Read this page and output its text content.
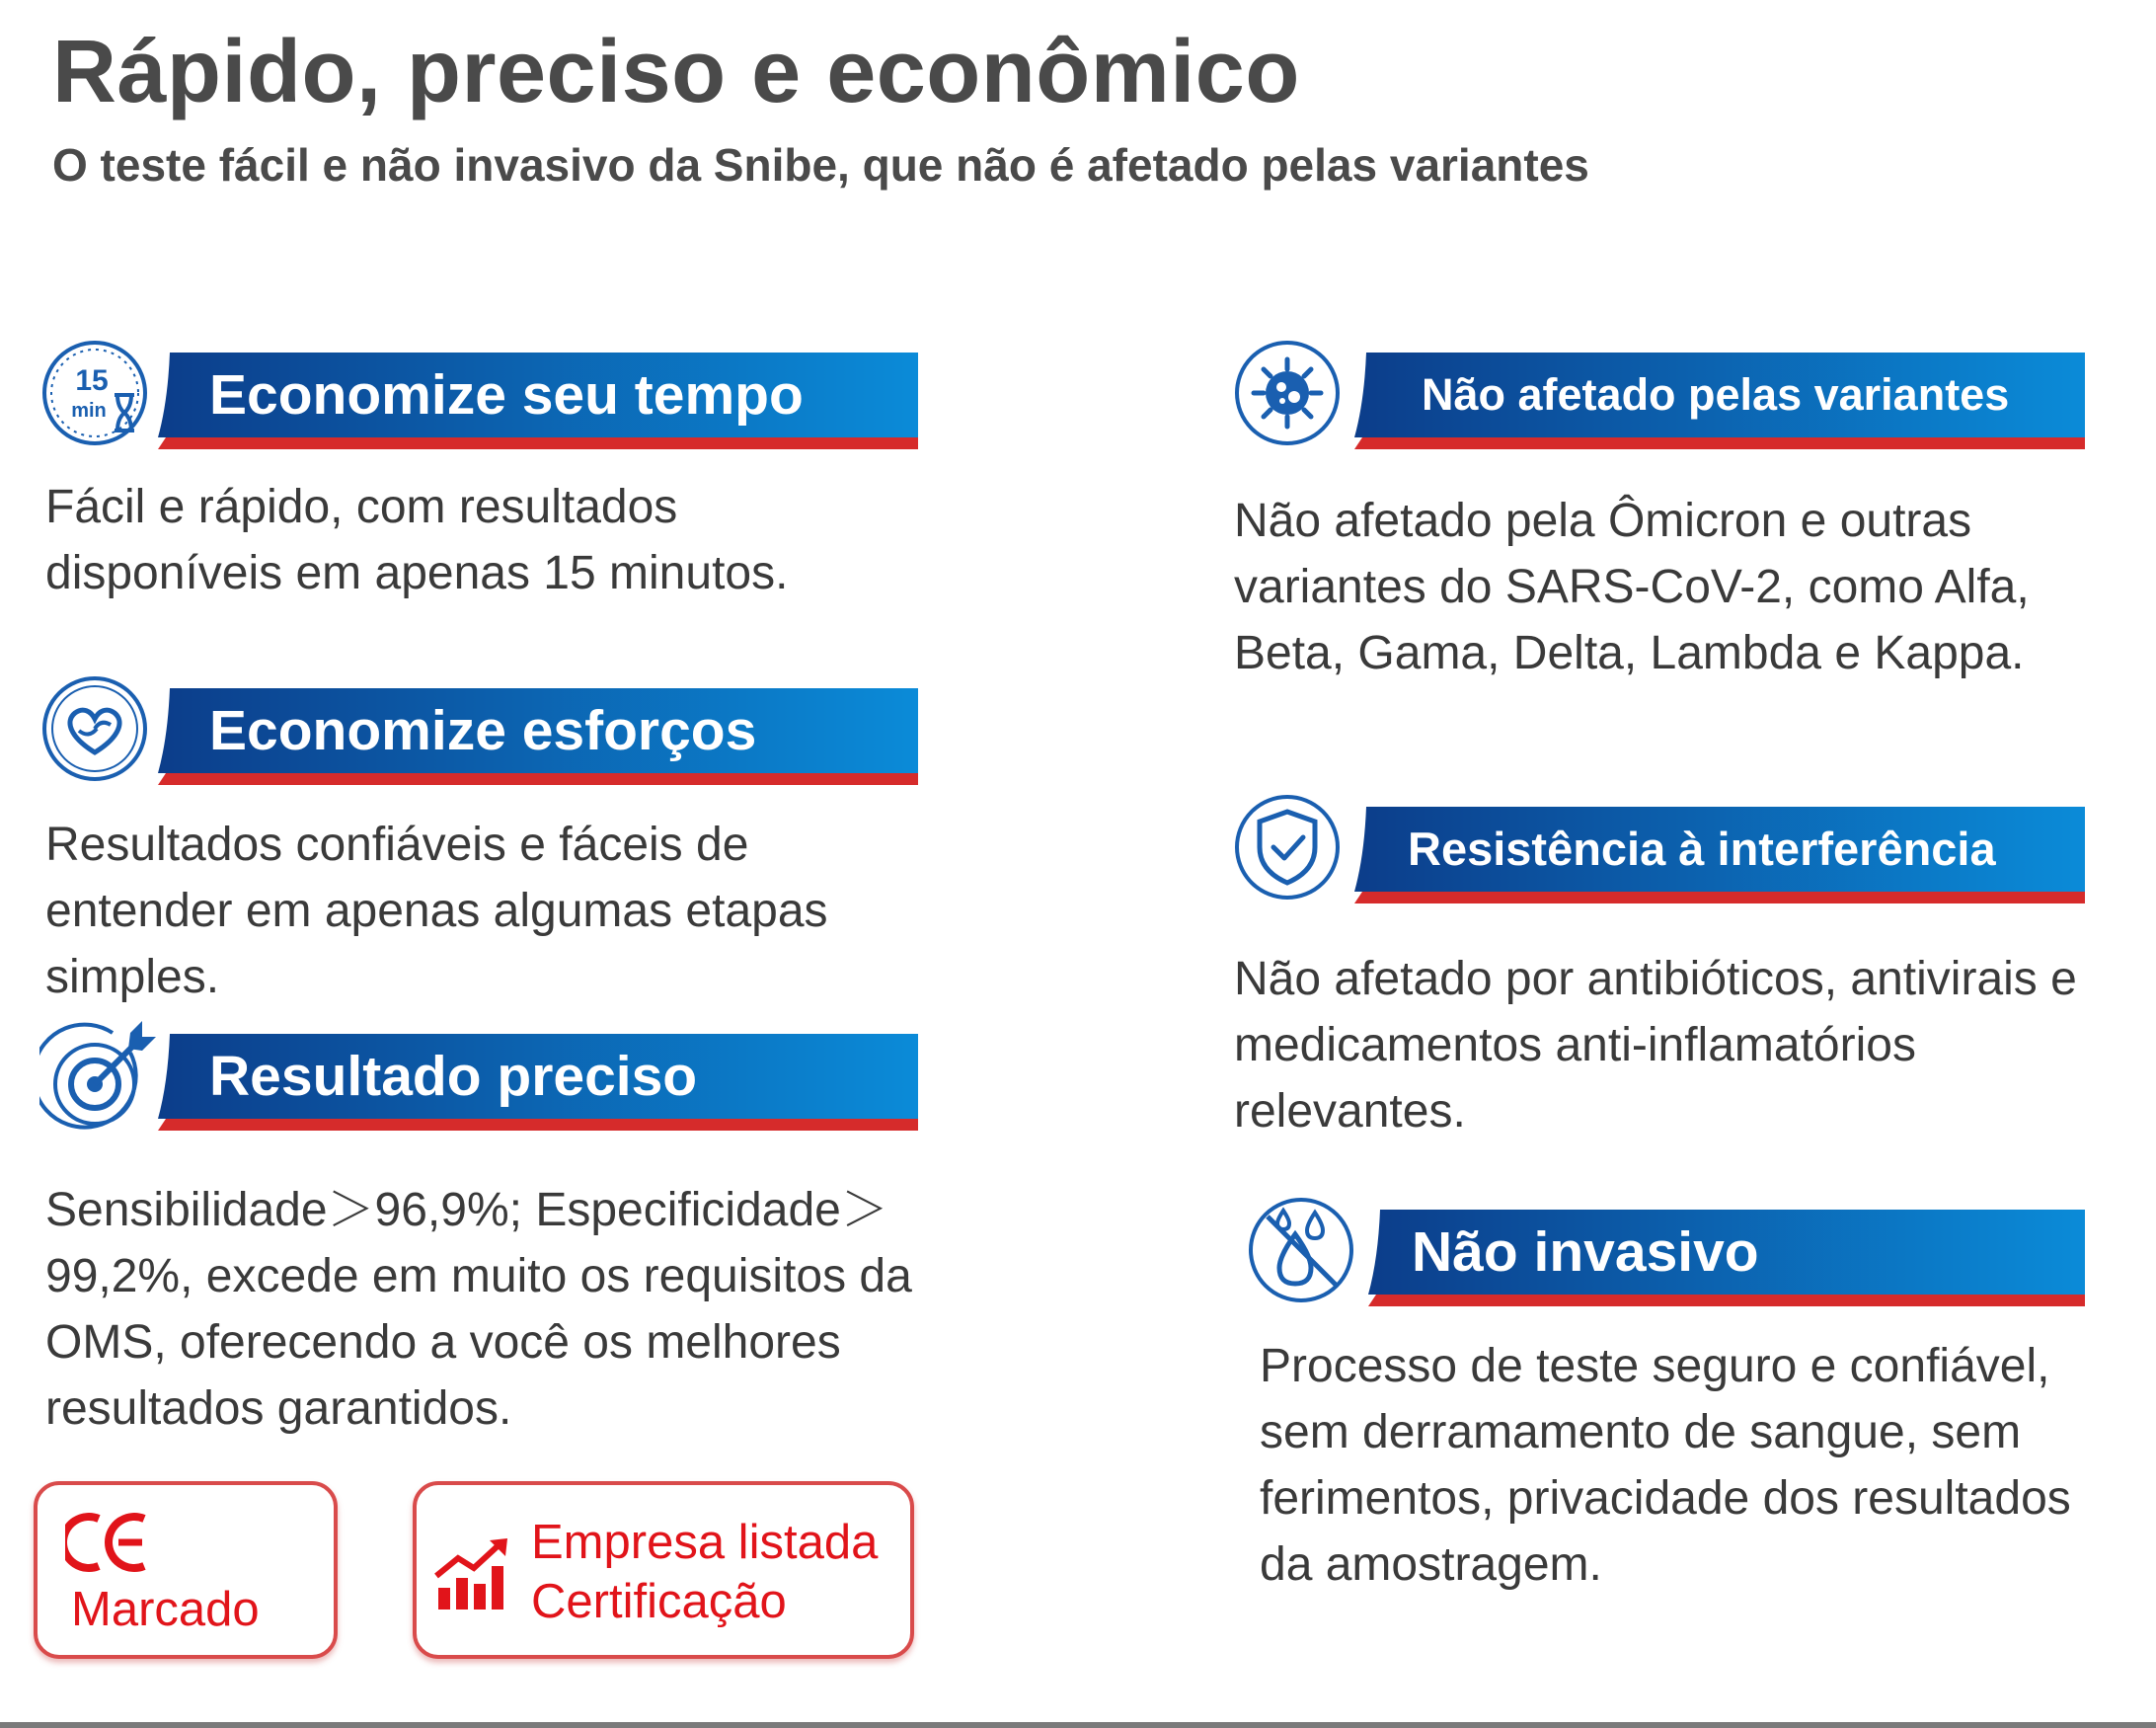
Rápido, preciso e econômico
O teste fácil e não invasivo da Snibe, que não é afetado pelas variantes
15
min Economize seu tempo
Fácil e rápido, com resultados disponíveis em apenas 15 minutos.
Economize esforços
Resultados confiáveis e fáceis de entender em apenas algumas etapas simples.
Resultado preciso
Sensibilidade＞96,9%; Especificidade＞99,2%, excede em muito os requisitos da OMS, oferecendo a você os melhores resultados garantidos.
Não afetado pelas variantes
Não afetado pela Ômicron e outras variantes do SARS-CoV-2, como Alfa, Beta, Gama, Delta, Lambda e Kappa.
Resistência à interferência
Não afetado por antibióticos, antivirais e medicamentos anti-inflamatórios relevantes.
Não invasivo
Processo de teste seguro e confiável, sem derramamento de sangue, sem ferimentos, privacidade dos resultados da amostragem.
Marcado
Empresa listada
Certificação
